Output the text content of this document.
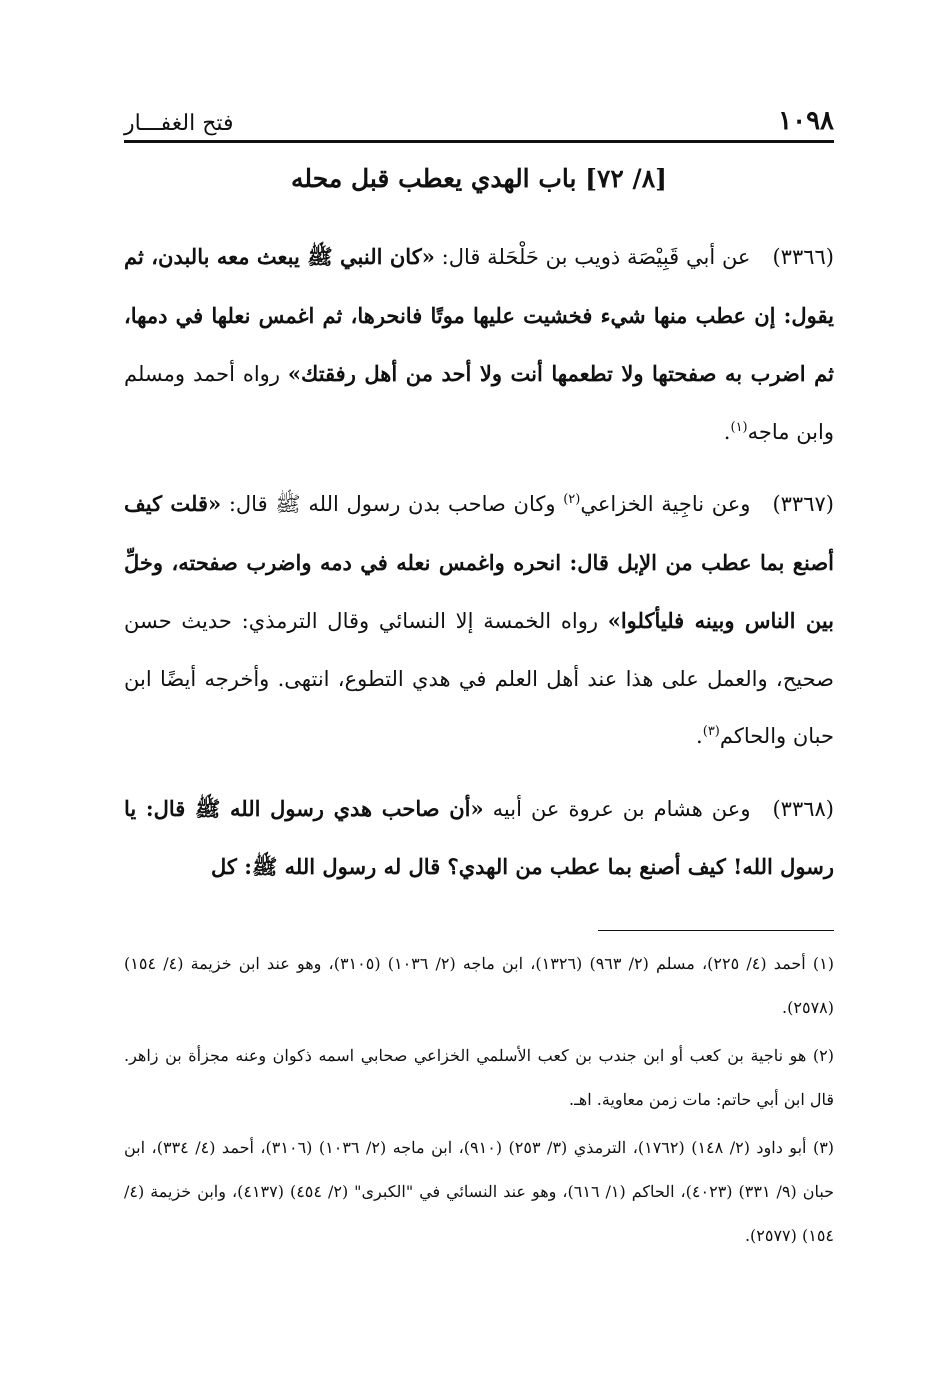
١٠٩٨
فتح الغفـــار
[٨/ ٧٢] باب الهدي يعطب قبل محله

(٣٣٦٦)عن أبي قَبِيْصَة ذويب بن حَلْحَلة قال: «كان النبي ﷺ يبعث معه بالبدن، ثم يقول: إن عطب منها شيء فخشيت عليها موتًا فانحرها، ثم اغمس نعلها في دمها، ثم اضرب به صفحتها ولا تطعمها أنت ولا أحد من أهل رفقتك» رواه أحمد ومسلم وابن ماجه$^{(١)}$.

(٣٣٦٧)وعن ناجِية الخزاعي$^{(٢)}$ وكان صاحب بدن رسول الله ﷺ قال: «قلت كيف أصنع بما عطب من الإبل قال: انحره واغمس نعله في دمه واضرب صفحته، وخلِّ بين الناس وبينه فليأكلوا» رواه الخمسة إلا النسائي وقال الترمذي: حديث حسن صحيح، والعمل على هذا عند أهل العلم في هدي التطوع، انتهى. وأخرجه أيضًا ابن حبان والحاكم$^{(٣)}$.

(٣٣٦٨)وعن هشام بن عروة عن أبيه «أن صاحب هدي رسول الله ﷺ قال: يا رسول الله! كيف أصنع بما عطب من الهدي؟ قال له رسول الله ﷺ: كل

(١) أحمد (٤/ ٢٢٥)، مسلم (٢/ ٩٦٣) (١٣٢٦)، ابن ماجه (٢/ ١٠٣٦) (٣١٠٥)، وهو عند ابن خزيمة (٤/ ١٥٤) (٢٥٧٨).

(٢) هو ناجية بن كعب أو ابن جندب بن كعب الأسلمي الخزاعي صحابي اسمه ذكوان وعنه مجزأة بن زاهر. قال ابن أبي حاتم: مات زمن معاوية. اهـ.

(٣) أبو داود (٢/ ١٤٨) (١٧٦٢)، الترمذي (٣/ ٢٥٣) (٩١٠)، ابن ماجه (٢/ ١٠٣٦) (٣١٠٦)، أحمد (٤/ ٣٣٤)، ابن حبان (٩/ ٣٣١) (٤٠٢٣)، الحاكم (١/ ٦١٦)، وهو عند النسائي في "الكبرى" (٢/ ٤٥٤) (٤١٣٧)، وابن خزيمة (٤/ ١٥٤) (٢٥٧٧).
